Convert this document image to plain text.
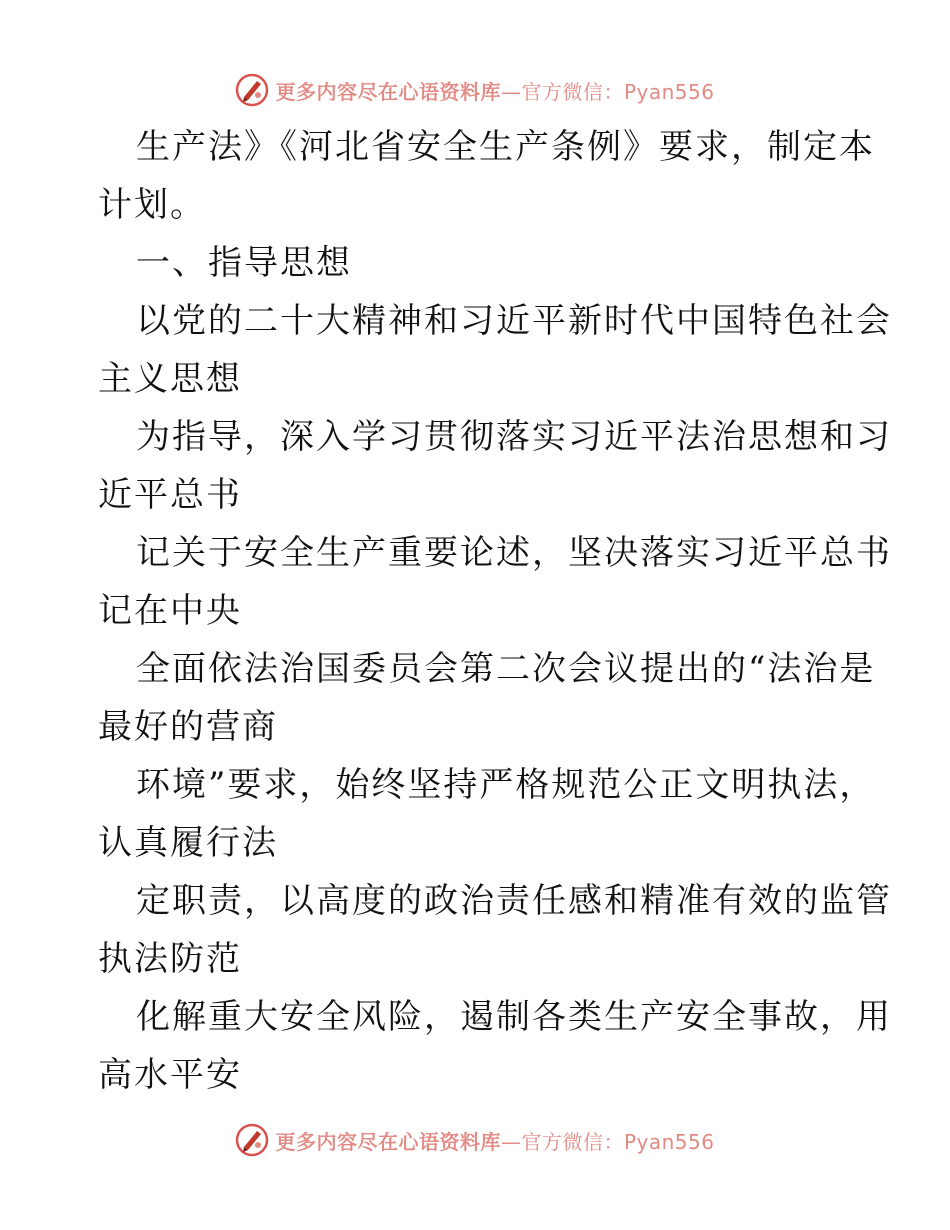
更多内容尽在心语资料库—官方微信：Pyan556
生产法》《河北省安全生产条例》要求，制定本
计划。
一、指导思想
以党的二十大精神和习近平新时代中国特色社会
主义思想
为指导，深入学习贯彻落实习近平法治思想和习
近平总书
记关于安全生产重要论述，坚决落实习近平总书
记在中央
全面依法治国委员会第二次会议提出的“法治是
最好的营商
环境”要求，始终坚持严格规范公正文明执法，
认真履行法
定职责，以高度的政治责任感和精准有效的监管
执法防范
化解重大安全风险，遏制各类生产安全事故，用
高水平安
更多内容尽在心语资料库—官方微信：Pyan556
